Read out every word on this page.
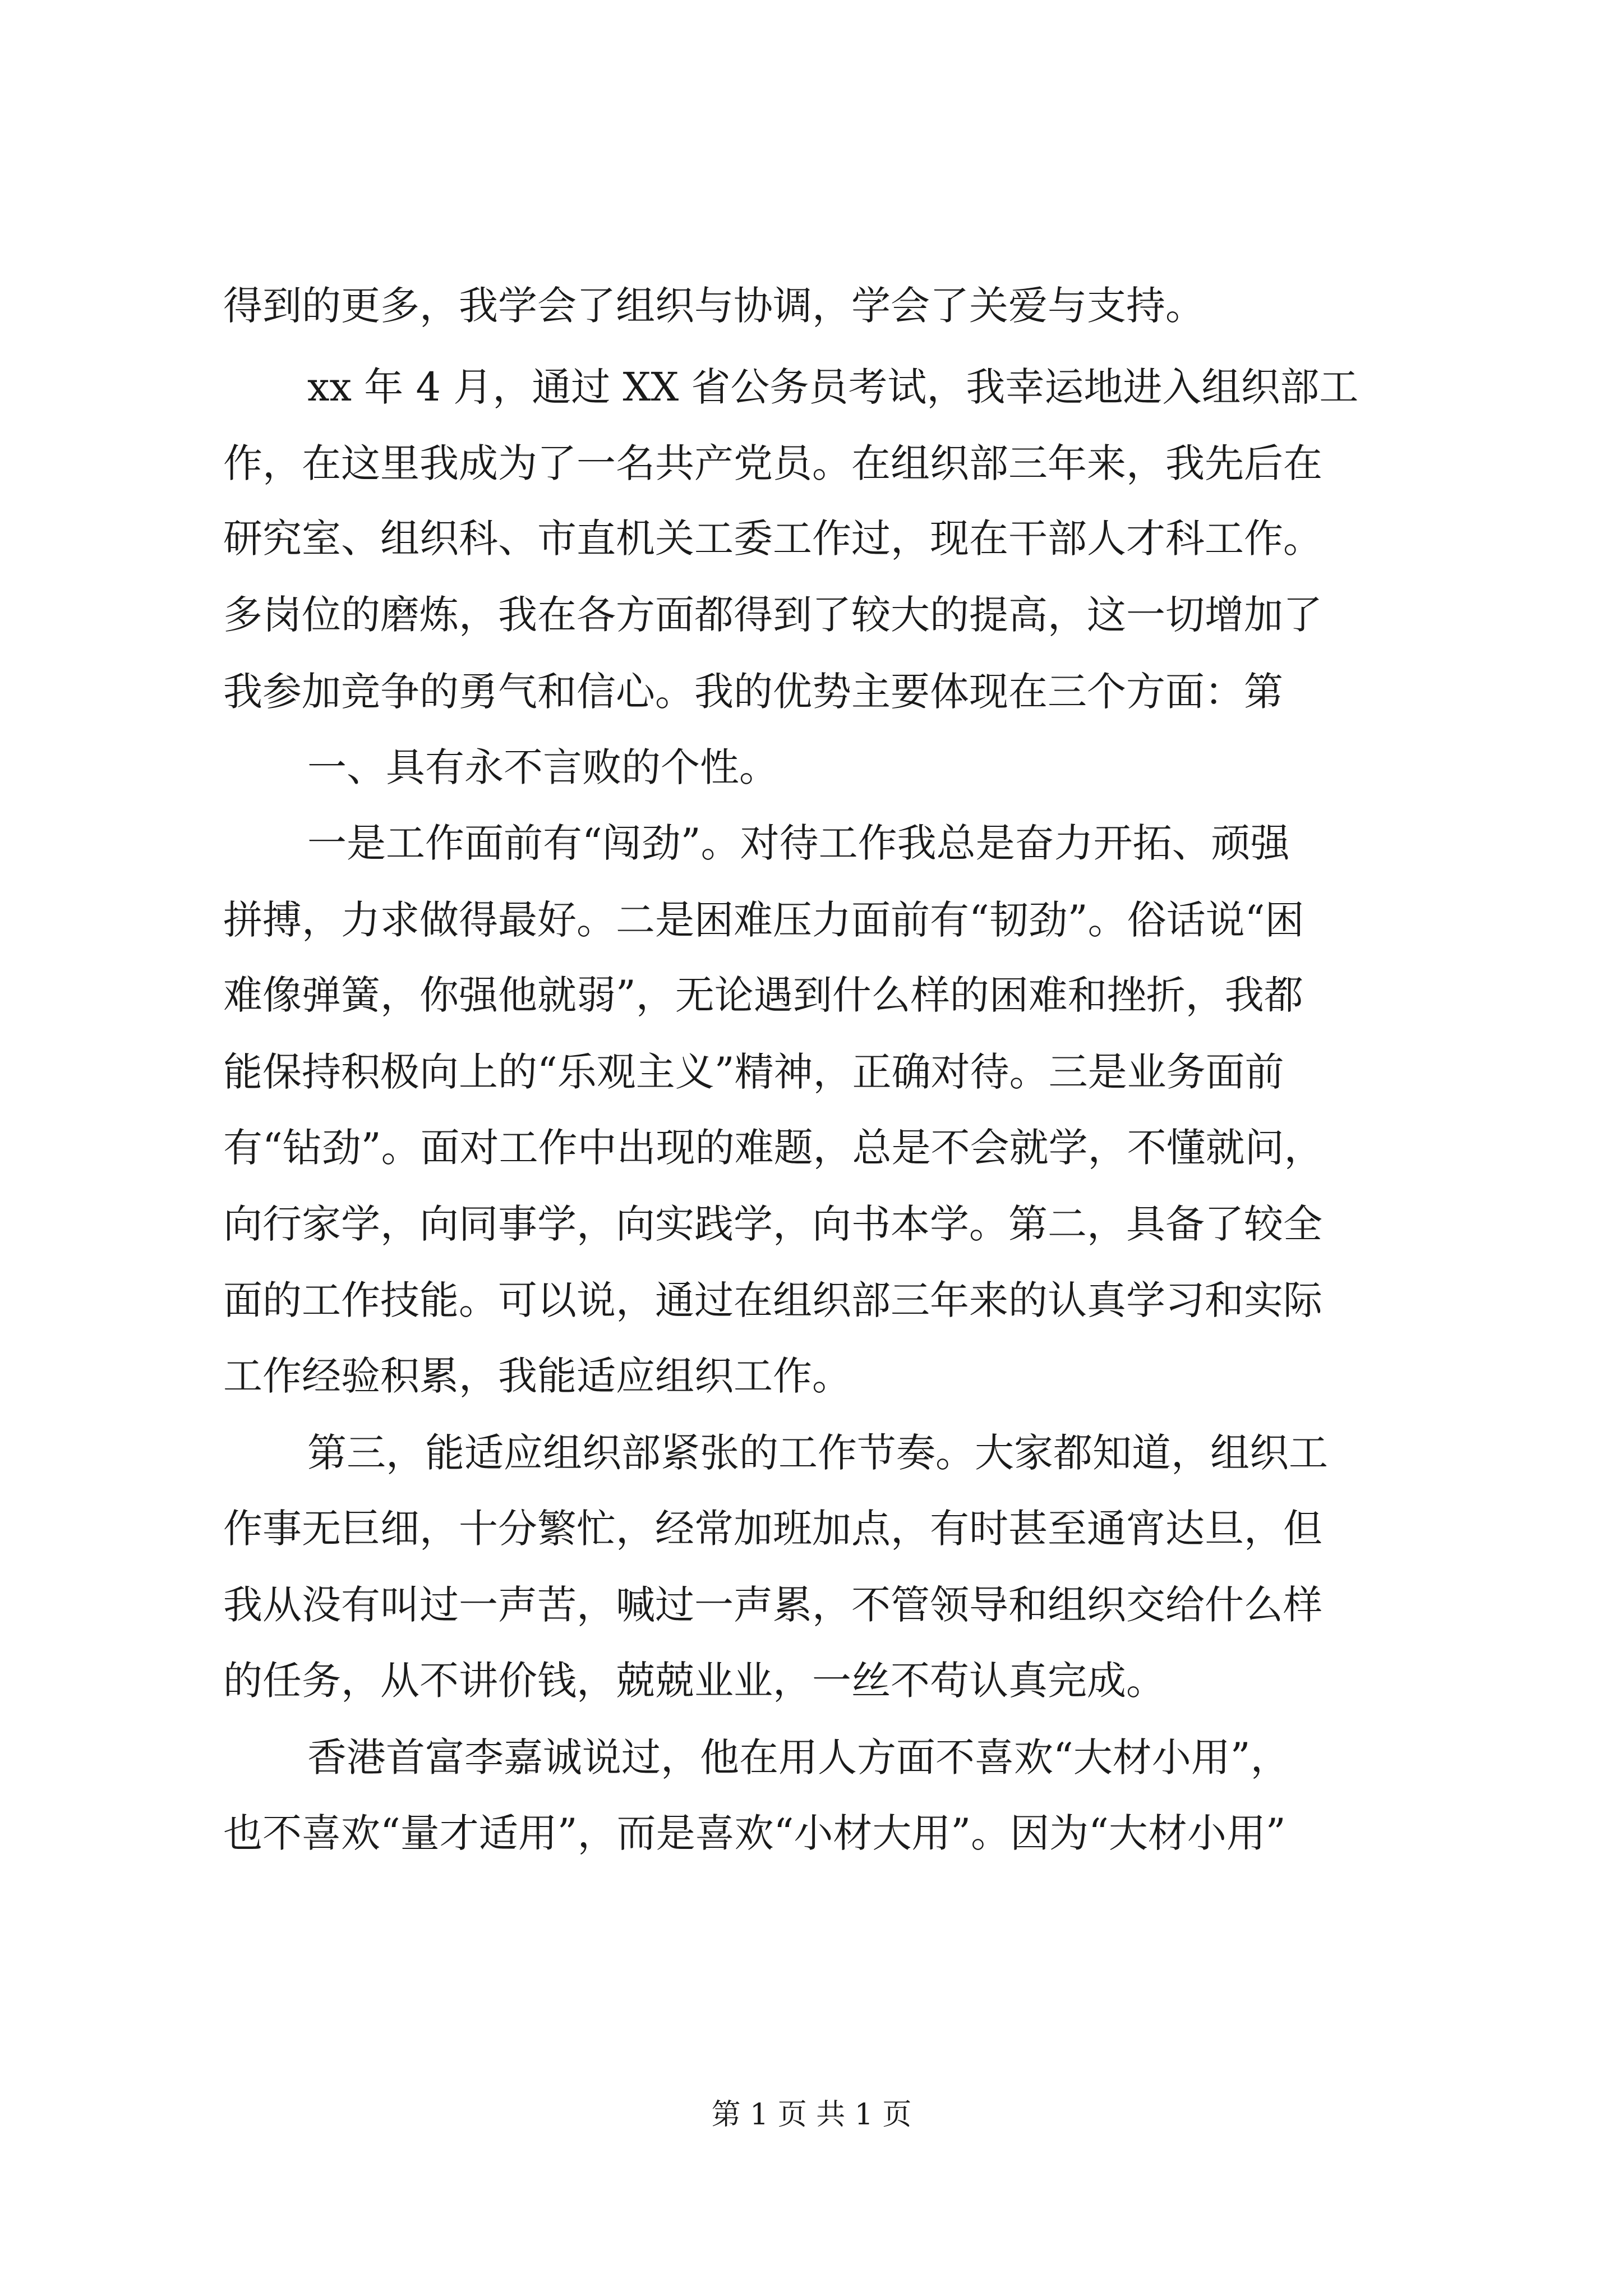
得到的更多，我学会了组织与协调，学会了关爱与支持。

xx 年 4 月，通过 XX 省公务员考试，我幸运地进入组织部工

作，在这里我成为了一名共产党员。在组织部三年来，我先后在

研究室、组织科、市直机关工委工作过，现在干部人才科工作。

多岗位的磨炼，我在各方面都得到了较大的提高，这一切增加了

我参加竞争的勇气和信心。我的优势主要体现在三个方面：第

一、具有永不言败的个性。

一是工作面前有“闯劲”。对待工作我总是奋力开拓、顽强

拼搏，力求做得最好。二是困难压力面前有“韧劲”。俗话说“困

难像弹簧，你强他就弱”，无论遇到什么样的困难和挫折，我都

能保持积极向上的“乐观主义”精神，正确对待。三是业务面前

有“钻劲”。面对工作中出现的难题，总是不会就学，不懂就问，

向行家学，向同事学，向实践学，向书本学。第二，具备了较全

面的工作技能。可以说，通过在组织部三年来的认真学习和实际

工作经验积累，我能适应组织工作。

第三，能适应组织部紧张的工作节奏。大家都知道，组织工

作事无巨细，十分繁忙，经常加班加点，有时甚至通宵达旦，但

我从没有叫过一声苦，喊过一声累，不管领导和组织交给什么样

的任务，从不讲价钱，兢兢业业，一丝不苟认真完成。

香港首富李嘉诚说过，他在用人方面不喜欢“大材小用”，

也不喜欢“量才适用”，而是喜欢“小材大用”。因为“大材小用”

第 1 页 共 1 页
